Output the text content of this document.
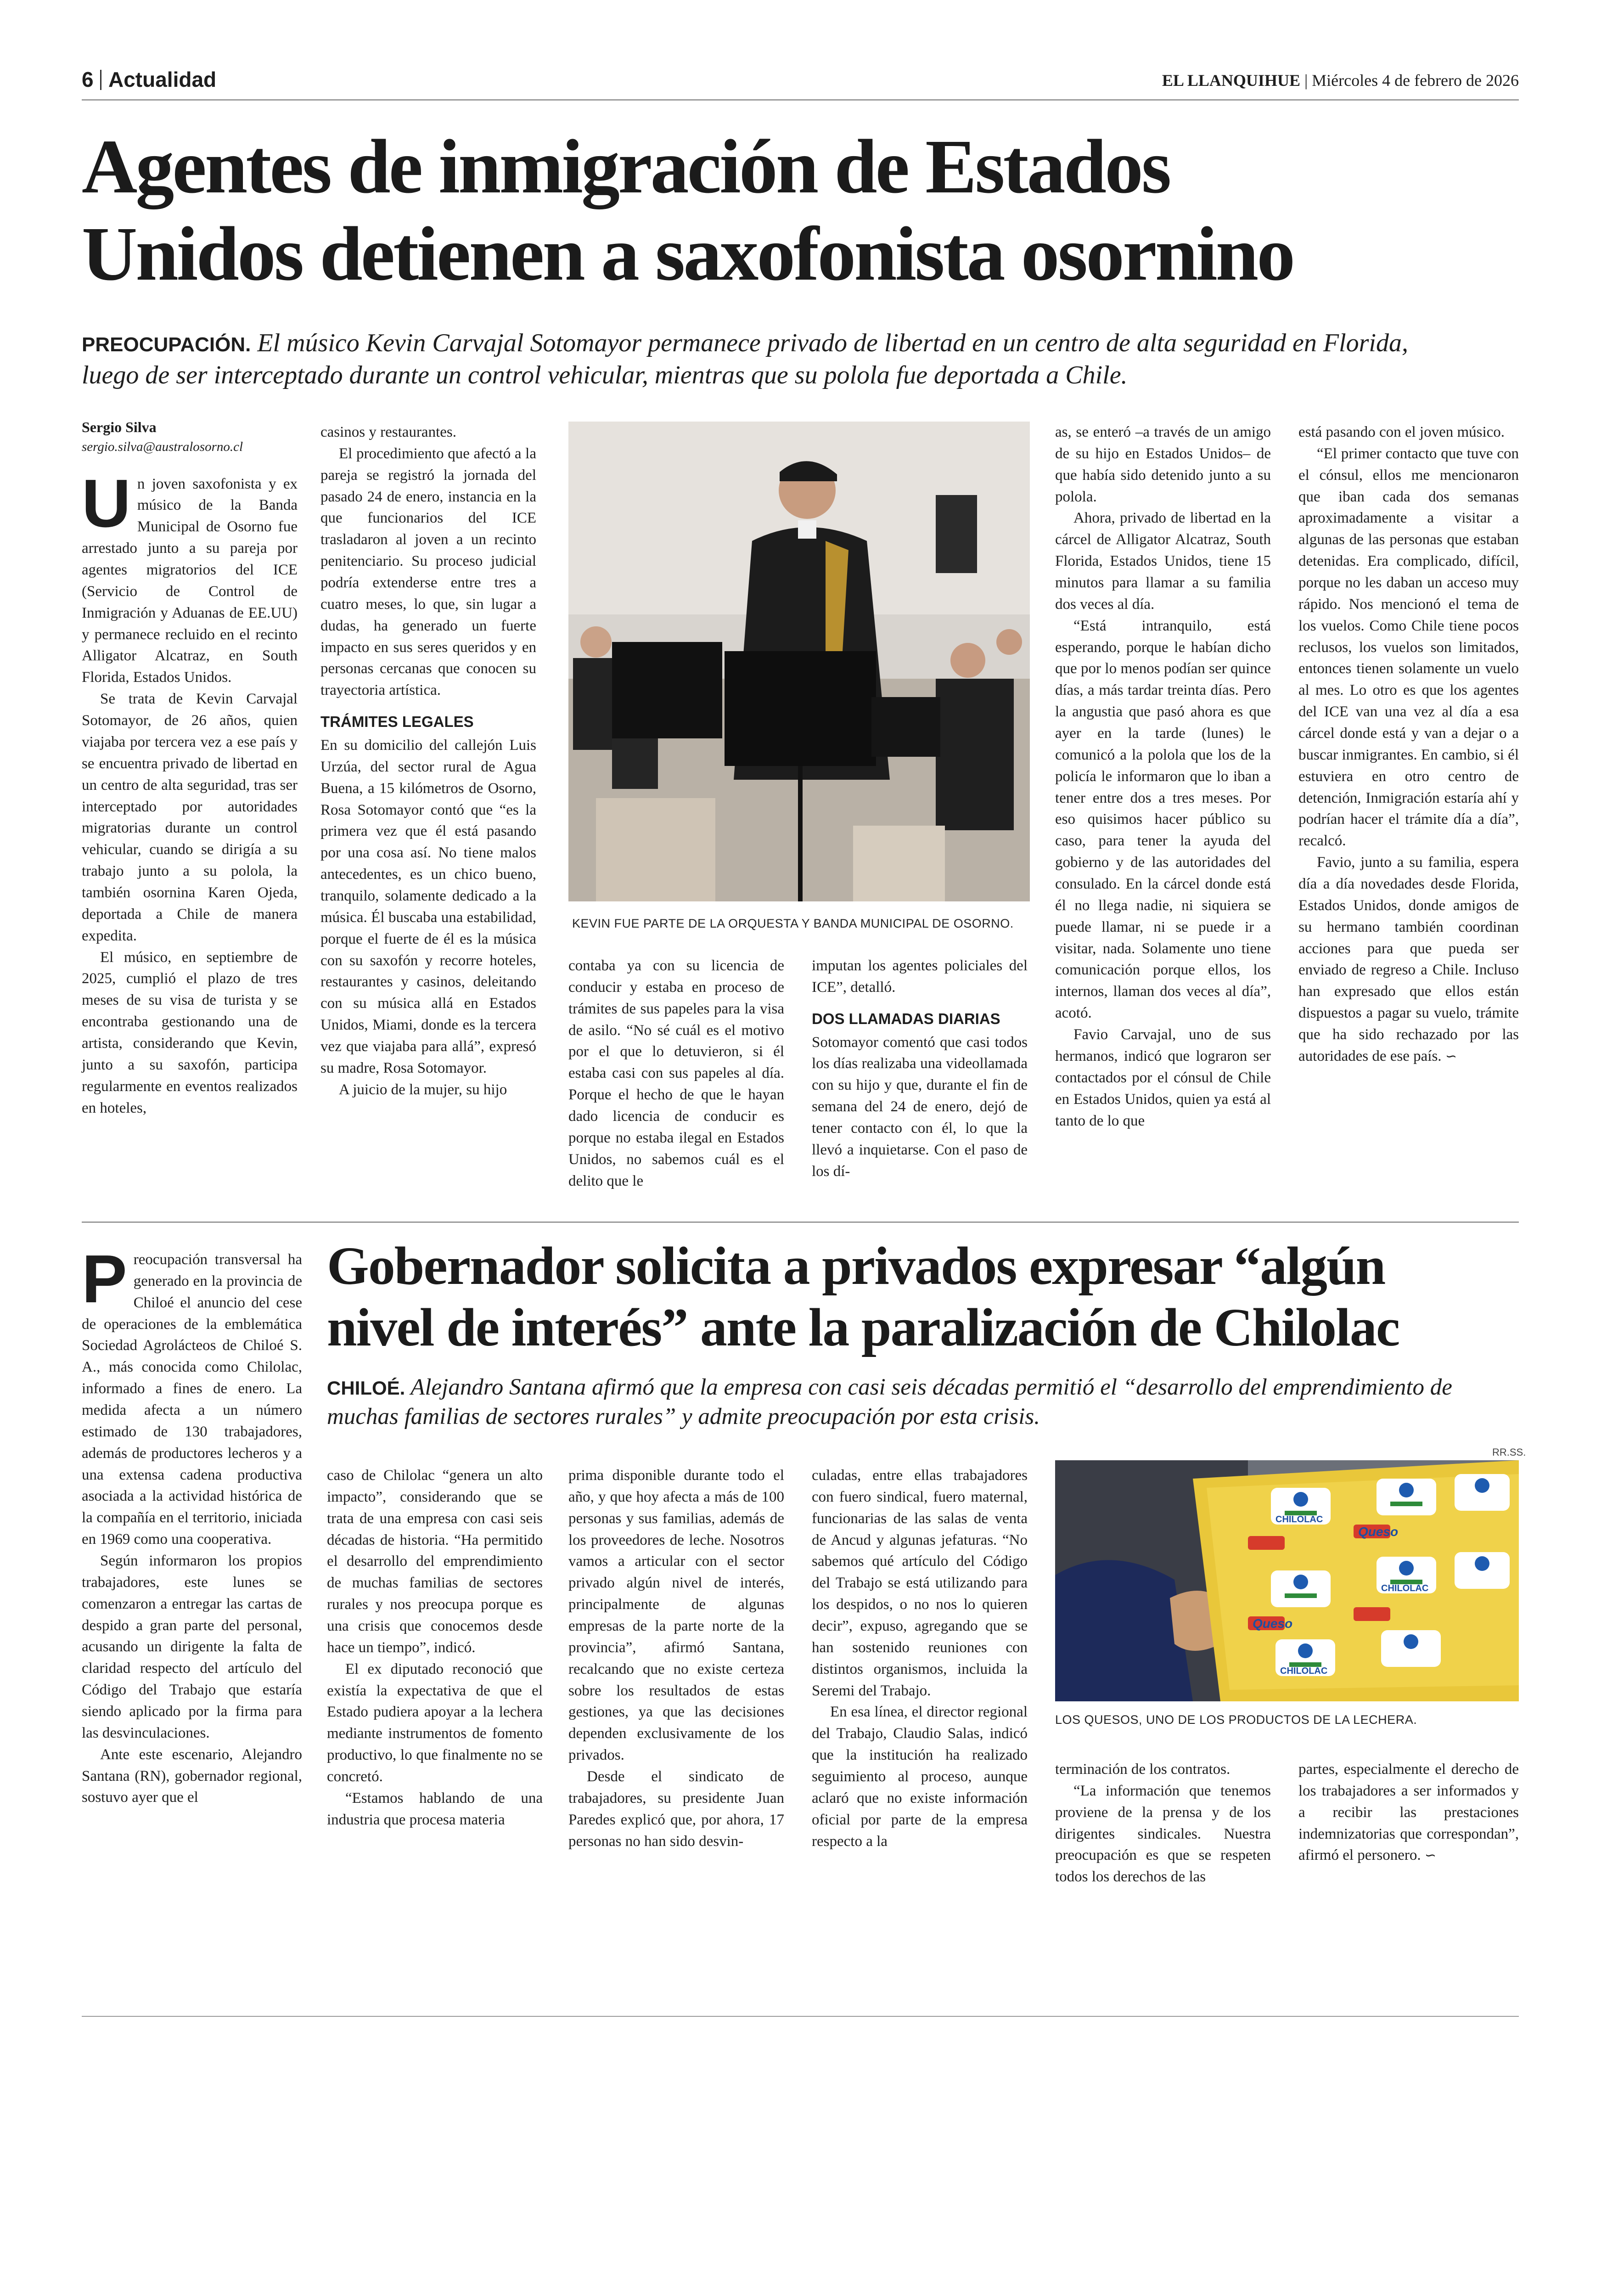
6 Actualidad	EL LLANQUIHUE | Miércoles 4 de febrero de 2026
Agentes de inmigración de Estados
Unidos detienen a saxofonista osornino
PREOCUPACIÓN. El músico Kevin Carvajal Sotomayor permanece privado de libertad en un centro de alta seguridad en Florida, luego de ser interceptado durante un control vehicular, mientras que su polola fue deportada a Chile.
Sergio Silva
sergio.silva@australosorno.cl

Un joven saxofonista y ex músico de la Banda Municipal de Osorno fue arrestado junto a su pareja por agentes migratorios del ICE (Servicio de Control de Inmigración y Aduanas de EE.UU) y permanece recluido en el recinto Alligator Alcatraz, en South Florida, Estados Unidos.

Se trata de Kevin Carvajal Sotomayor, de 26 años, quien viajaba por tercera vez a ese país y se encuentra privado de libertad en un centro de alta seguridad, tras ser interceptado por autoridades migratorias durante un control vehicular, cuando se dirigía a su trabajo junto a su polola, la también osornina Karen Ojeda, deportada a Chile de manera expedita.

El músico, en septiembre de 2025, cumplió el plazo de tres meses de su visa de turista y se encontraba gestionando una de artista, considerando que Kevin, junto a su saxofón, participa regularmente en eventos realizados en hoteles,

casinos y restaurantes.

El procedimiento que afectó a la pareja se registró la jornada del pasado 24 de enero, instancia en la que funcionarios del ICE trasladaron al joven a un recinto penitenciario. Su proceso judicial podría extenderse entre tres a cuatro meses, lo que, sin lugar a dudas, ha generado un fuerte impacto en sus seres queridos y en personas cercanas que conocen su trayectoria artística.

TRÁMITES LEGALES

En su domicilio del callejón Luis Urzúa, del sector rural de Agua Buena, a 15 kilómetros de Osorno, Rosa Sotomayor contó que “es la primera vez que él está pasando por una cosa así. No tiene malos antecedentes, es un chico bueno, tranquilo, solamente dedicado a la música. Él buscaba una estabilidad, porque el fuerte de él es la música con su saxofón y recorre hoteles, restaurantes y casinos, deleitando con su música allá en Estados Unidos, Miami, donde es la tercera vez que viajaba para allá”, expresó su madre, Rosa Sotomayor.

A juicio de la mujer, su hijo

KEVIN FUE PARTE DE LA ORQUESTA Y BANDA MUNICIPAL DE OSORNO.

contaba ya con su licencia de conducir y estaba en proceso de trámites de sus papeles para la visa de asilo. “No sé cuál es el motivo por el que lo detuvieron, si él estaba casi con sus papeles al día. Porque el hecho de que le hayan dado licencia de conducir es porque no estaba ilegal en Estados Unidos, no sabemos cuál es el delito que le

imputan los agentes policiales del ICE”, detalló.

DOS LLAMADAS DIARIAS

Sotomayor comentó que casi todos los días realizaba una videollamada con su hijo y que, durante el fin de semana del 24 de enero, dejó de tener contacto con él, lo que la llevó a inquietarse. Con el paso de los dí-

as, se enteró –a través de un amigo de su hijo en Estados Unidos– de que había sido detenido junto a su polola.

Ahora, privado de libertad en la cárcel de Alligator Alcatraz, South Florida, Estados Unidos, tiene 15 minutos para llamar a su familia dos veces al día.

“Está intranquilo, está esperando, porque le habían dicho que por lo menos podían ser quince días, a más tardar treinta días. Pero la angustia que pasó ahora es que ayer en la tarde (lunes) le comunicó a la polola que los de la policía le informaron que lo iban a tener entre dos a tres meses. Por eso quisimos hacer público su caso, para tener la ayuda del gobierno y de las autoridades del consulado. En la cárcel donde está él no llega nadie, ni siquiera se puede llamar, ni se puede ir a visitar, nada. Solamente uno tiene comunicación porque ellos, los internos, llaman dos veces al día”, acotó.

Favio Carvajal, uno de sus hermanos, indicó que lograron ser contactados por el cónsul de Chile en Estados Unidos, quien ya está al tanto de lo que

está pasando con el joven músico.

“El primer contacto que tuve con el cónsul, ellos me mencionaron que iban cada dos semanas aproximadamente a visitar a algunas de las personas que estaban detenidas. Era complicado, difícil, porque no les daban un acceso muy rápido. Nos mencionó el tema de los vuelos. Como Chile tiene pocos reclusos, los vuelos son limitados, entonces tienen solamente un vuelo al mes. Lo otro es que los agentes del ICE van una vez al día a esa cárcel donde está y van a dejar o a buscar inmigrantes. En cambio, si él estuviera en otro centro de detención, Inmigración estaría ahí y podrían hacer el trámite día a día”, recalcó.

Favio, junto a su familia, espera día a día novedades desde Florida, Estados Unidos, donde amigos de su hermano también coordinan acciones para que pueda ser enviado de regreso a Chile. Incluso han expresado que ellos están dispuestos a pagar su vuelo, trámite que ha sido rechazado por las autoridades de ese país. ∽

Preocupación transversal ha generado en la provincia de Chiloé el anuncio del cese de operaciones de la emblemática Sociedad Agrolácteos de Chiloé S. A., más conocida como Chilolac, informado a fines de enero. La medida afecta a un número estimado de 130 trabajadores, además de productores lecheros y a una extensa cadena productiva asociada a la actividad histórica de la compañía en el territorio, iniciada en 1969 como una cooperativa.

Según informaron los propios trabajadores, este lunes se comenzaron a entregar las cartas de despido a gran parte del personal, acusando un dirigente la falta de claridad respecto del artículo del Código del Trabajo que estaría siendo aplicado por la firma para las desvinculaciones.

Ante este escenario, Alejandro Santana (RN), gobernador regional, sostuvo ayer que el

Gobernador solicita a privados expresar “algún
nivel de interés” ante la paralización de Chilolac
CHILOÉ. Alejandro Santana afirmó que la empresa con casi seis décadas permitió el “desarrollo del emprendimiento de muchas familias de sectores rurales” y admite preocupación por esta crisis.

caso de Chilolac “genera un alto impacto”, considerando que se trata de una empresa con casi seis décadas de historia. “Ha permitido el desarrollo del emprendimiento de muchas familias de sectores rurales y nos preocupa porque es una crisis que conocemos desde hace un tiempo”, indicó.

El ex diputado reconoció que existía la expectativa de que el Estado pudiera apoyar a la lechera mediante instrumentos de fomento productivo, lo que finalmente no se concretó.

“Estamos hablando de una industria que procesa materia

prima disponible durante todo el año, y que hoy afecta a más de 100 personas y sus familias, además de los proveedores de leche. Nosotros vamos a articular con el sector privado algún nivel de interés, principalmente de algunas empresas de la parte norte de la provincia”, afirmó Santana, recalcando que no existe certeza sobre los resultados de estas gestiones, ya que las decisiones dependen exclusivamente de los privados.

Desde el sindicato de trabajadores, su presidente Juan Paredes explicó que, por ahora, 17 personas no han sido desvin-

culadas, entre ellas trabajadores con fuero sindical, fuero maternal, funcionarias de las salas de venta de Ancud y algunas jefaturas. “No sabemos qué artículo del Código del Trabajo se está utilizando para los despidos, o no nos lo quieren decir”, expuso, agregando que se han sostenido reuniones con distintos organismos, incluida la Seremi del Trabajo.

En esa línea, el director regional del Trabajo, Claudio Salas, indicó que la institución ha realizado seguimiento al proceso, aunque aclaró que no existe información oficial por parte de la empresa respecto a la

RR.SS.
Queso
CHILOLAC
CHILOLAC
Queso
CHILOLAC
LOS QUESOS, UNO DE LOS PRODUCTOS DE LA LECHERA.

terminación de los contratos.

“La información que tenemos proviene de la prensa y de los dirigentes sindicales. Nuestra preocupación es que se respeten todos los derechos de las

partes, especialmente el derecho de los trabajadores a ser informados y a recibir las prestaciones indemnizatorias que correspondan”, afirmó el personero. ∽
